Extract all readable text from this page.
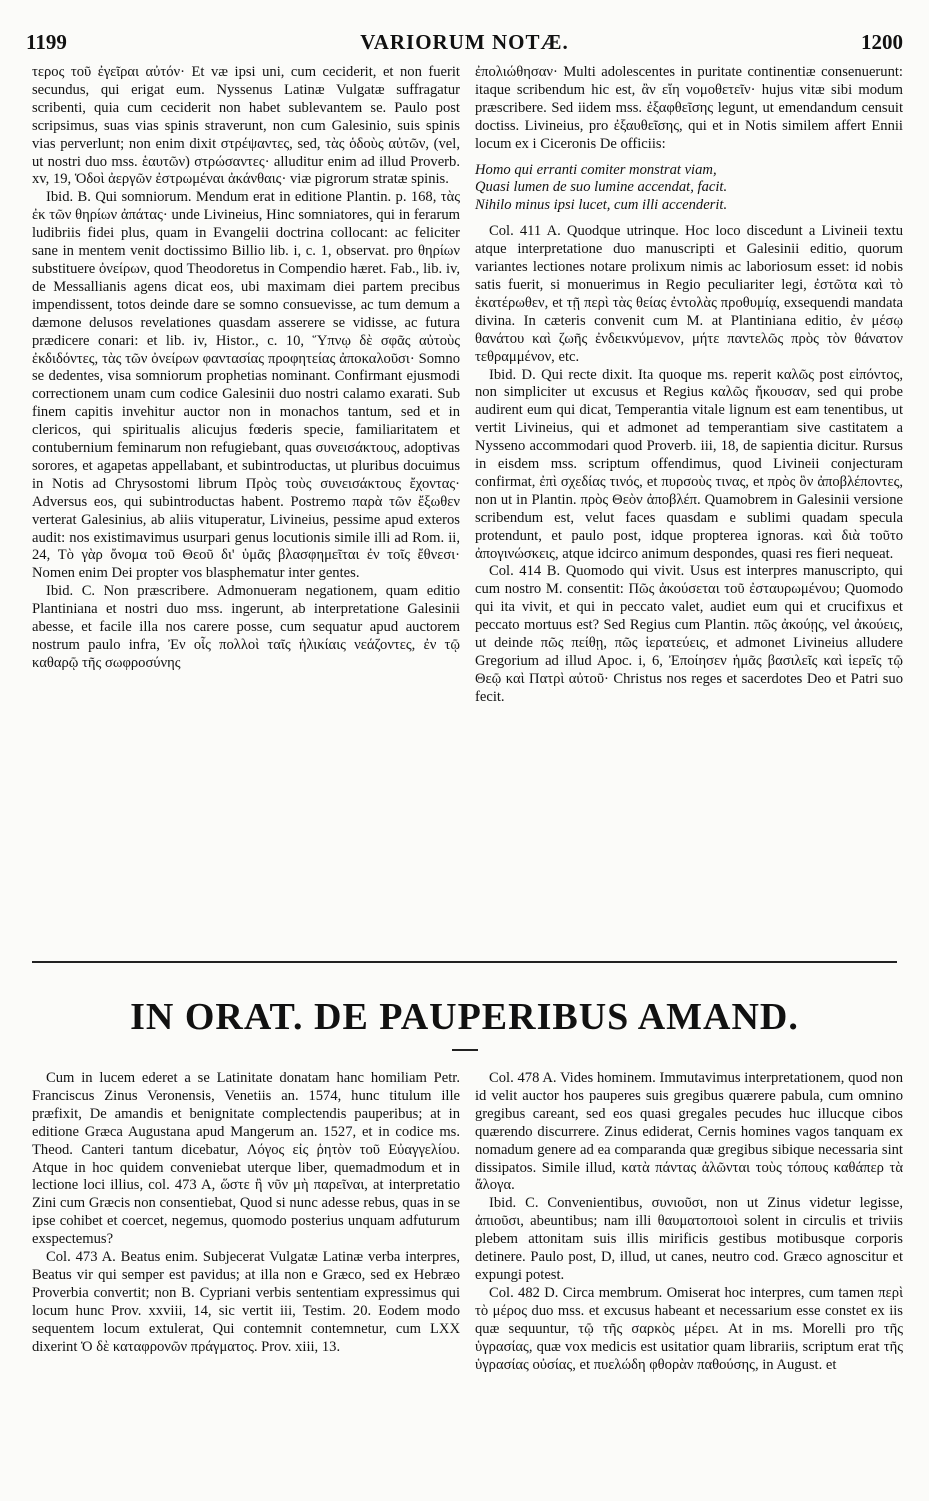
1199	VARIORUM NOTÆ.	1200

τερος τοῦ ἐγεῖραι αὐτόν· Et væ ipsi uni, cum ceciderit, et non fuerit secundus, qui erigat eum. Nyssenus Latinæ Vulgatæ suffragatur scribenti, quia cum ceciderit non habet sublevantem se. Paulo post scripsimus, suas vias spinis straverunt, non cum Galesinio, suis spinis vias perverlunt; non enim dixit στρέψαντες, sed, τὰς ὁδοὺς αὐτῶν, (vel, ut nostri duo mss. ἑαυτῶν) στρώσαντες· alluditur enim ad illud Proverb. xv, 19, Ὁδοὶ ἀεργῶν ἐστρωμέναι ἀκάνθαις· viæ pigrorum stratæ spinis.

Ibid. B. Qui somniorum. Mendum erat in editione Plantin. p. 168, τὰς ἐκ τῶν θηρίων ἀπάτας· unde Livineius, Hinc somniatores, qui in ferarum ludibriis fidei plus, quam in Evangelii doctrina collocant: ac feliciter sane in mentem venit doctissimo Billio lib. i, c. 1, observat. pro θηρίων substituere ὀνείρων, quod Theodoretus in Compendio hæret. Fab., lib. iv, de Messallianis agens dicat eos, ubi maximam diei partem precibus impendissent, totos deinde dare se somno consuevisse, ac tum demum a dæmone delusos revelationes quasdam asserere se vidisse, ac futura prædicere conari: et lib. iv, Histor., c. 10, Ὕπνῳ δὲ σφᾶς αὐτοὺς ἐκδιδόντες, τὰς τῶν ὀνείρων φαντασίας προφητείας ἀποκαλοῦσι· Somno se dedentes, visa somniorum prophetias nominant. Confirmant ejusmodi correctionem unam cum codice Galesinii duo nostri calamo exarati. Sub finem capitis invehitur auctor non in monachos tantum, sed et in clericos, qui spiritualis alicujus fœderis specie, familiaritatem et contubernium feminarum non refugiebant, quas συνεισάκτους, adoptivas sorores, et agapetas appellabant, et subintroductas, ut pluribus docuimus in Notis ad Chrysostomi librum Πρὸς τοὺς συνεισάκτους ἔχοντας· Adversus eos, qui subintroductas habent. Postremo παρὰ τῶν ἔξωθεν verterat Galesinius, ab aliis vituperatur, Livineius, pessime apud exteros audit: nos existimavimus usurpari genus locutionis simile illi ad Rom. ii, 24, Τὸ γὰρ ὄνομα τοῦ Θεοῦ δι' ὑμᾶς βλασφημεῖται ἐν τοῖς ἔθνεσι· Nomen enim Dei propter vos blasphematur inter gentes.

Ibid. C. Non præscribere. Admonueram negationem, quam editio Plantiniana et nostri duo mss. ingerunt, ab interpretatione Galesinii abesse, et facile illa nos carere posse, cum sequatur apud auctorem nostrum paulo infra, Ἐν οἷς πολλοὶ ταῖς ἡλικίαις νεάζοντες, ἐν τῷ καθαρῷ τῆς σωφροσύνης

ἐπολιώθησαν· Multi adolescentes in puritate continentiæ consenuerunt: itaque scribendum hic est, ἂν εἴη νομοθετεῖν· hujus vitæ sibi modum præscribere. Sed iidem mss. ἐξαφθεῖσης legunt, ut emendandum censuit doctiss. Livineius, pro ἐξαυθεῖσης, qui et in Notis similem affert Ennii locum ex i Ciceronis De officiis:

Homo qui erranti comiter monstrat viam,

Quasi lumen de suo lumine accendat, facit.

Nihilo minus ipsi lucet, cum illi accenderit.

Col. 411 A. Quodque utrinque. Hoc loco discedunt a Livineii textu atque interpretatione duo manuscripti et Galesinii editio, quorum variantes lectiones notare prolixum nimis ac laboriosum esset: id nobis satis fuerit, si monuerimus in Regio peculiariter legi, ἐστῶτα καὶ τὸ ἑκατέρωθεν, et τῇ περὶ τὰς θείας ἐντολὰς προθυμίᾳ, exsequendi mandata divina. In cæteris convenit cum M. at Plantiniana editio, ἐν μέσῳ θανάτου καὶ ζωῆς ἐνδεικνύμενον, μήτε παντελῶς πρὸς τὸν θάνατον τεθραμμένον, etc.

Ibid. D. Qui recte dixit. Ita quoque ms. reperit καλῶς post εἰπόντος, non simpliciter ut excusus et Regius καλῶς ἤκουσαν, sed qui probe audirent eum qui dicat, Temperantia vitale lignum est eam tenentibus, ut vertit Livineius, qui et admonet ad temperantiam sive castitatem a Nysseno accommodari quod Proverb. iii, 18, de sapientia dicitur. Rursus in eisdem mss. scriptum offendimus, quod Livineii conjecturam confirmat, ἐπὶ σχεδίας τινός, et πυρσοὺς τινας, et πρὸς ὃν ἀποβλέποντες, non ut in Plantin. πρὸς Θεὸν ἀποβλέπ. Quamobrem in Galesinii versione scribendum est, velut faces quasdam e sublimi quadam specula protendunt, et paulo post, idque propterea ignoras. καὶ διὰ τοῦτο ἀπογινώσκεις, atque idcirco animum despondes, quasi res fieri nequeat.

Col. 414 B. Quomodo qui vivit. Usus est interpres manuscripto, qui cum nostro M. consentit: Πῶς ἀκούσεται τοῦ ἐσταυρωμένου; Quomodo qui ita vivit, et qui in peccato valet, audiet eum qui et crucifixus et peccato mortuus est? Sed Regius cum Plantin. πῶς ἀκούῃς, vel ἀκούεις, ut deinde πῶς πείθῃ, πῶς ἱερατεύεις, et admonet Livineius alludere Gregorium ad illud Apoc. i, 6, Ἐποίησεν ἡμᾶς βασιλεῖς καὶ ἱερεῖς τῷ Θεῷ καὶ Πατρὶ αὐτοῦ· Christus nos reges et sacerdotes Deo et Patri suo fecit.

IN ORAT. DE PAUPERIBUS AMAND.

Cum in lucem ederet a se Latinitate donatam hanc homiliam Petr. Franciscus Zinus Veronensis, Venetiis an. 1574, hunc titulum ille præfixit, De amandis et benignitate complectendis pauperibus; at in editione Græca Augustana apud Mangerum an. 1527, et in codice ms. Theod. Canteri tantum dicebatur, Λόγος εἰς ῥητὸν τοῦ Εὐαγγελίου. Atque in hoc quidem conveniebat uterque liber, quemadmodum et in lectione loci illius, col. 473 A, ὥστε ἢ νῦν μὴ παρεῖναι, at interpretatio Zini cum Græcis non consentiebat, Quod si nunc adesse rebus, quas in se ipse cohibet et coercet, negemus, quomodo posterius unquam adfuturum exspectemus?

Col. 473 A. Beatus enim. Subjecerat Vulgatæ Latinæ verba interpres, Beatus vir qui semper est pavidus; at illa non e Græco, sed ex Hebræo Proverbia convertit; non B. Cypriani verbis sententiam expressimus qui locum hunc Prov. xxviii, 14, sic vertit iii, Testim. 20. Eodem modo sequentem locum extulerat, Qui contemnit contemnetur, cum LXX dixerint Ὁ δὲ καταφρονῶν πράγματος. Prov. xiii, 13.

Col. 478 A. Vides hominem. Immutavimus interpretationem, quod non id velit auctor hos pauperes suis gregibus quærere pabula, cum omnino gregibus careant, sed eos quasi gregales pecudes huc illucque cibos quærendo discurrere. Zinus ediderat, Cernis homines vagos tanquam ex nomadum genere ad ea comparanda quæ gregibus sibique necessaria sint dissipatos. Simile illud, κατὰ πάντας ἀλῶνται τοὺς τόπους καθάπερ τὰ ἄλογα.

Ibid. C. Convenientibus, συνιοῦσι, non ut Zinus videtur legisse, ἀπιοῦσι, abeuntibus; nam illi θαυματοποιοὶ solent in circulis et triviis plebem attonitam suis illis mirificis gestibus motibusque corporis detinere. Paulo post, D, illud, ut canes, neutro cod. Græco agnoscitur et expungi potest.

Col. 482 D. Circa membrum. Omiserat hoc interpres, cum tamen περὶ τὸ μέρος duo mss. et excusus habeant et necessarium esse constet ex iis quæ sequuntur, τῷ τῆς σαρκὸς μέρει. At in ms. Morelli pro τῆς ὑγρασίας, quæ vox medicis est usitatior quam librariis, scriptum erat τῆς ὑγρασίας οὐσίας, et πυελώδη φθορὰν παθούσης, in August. et
